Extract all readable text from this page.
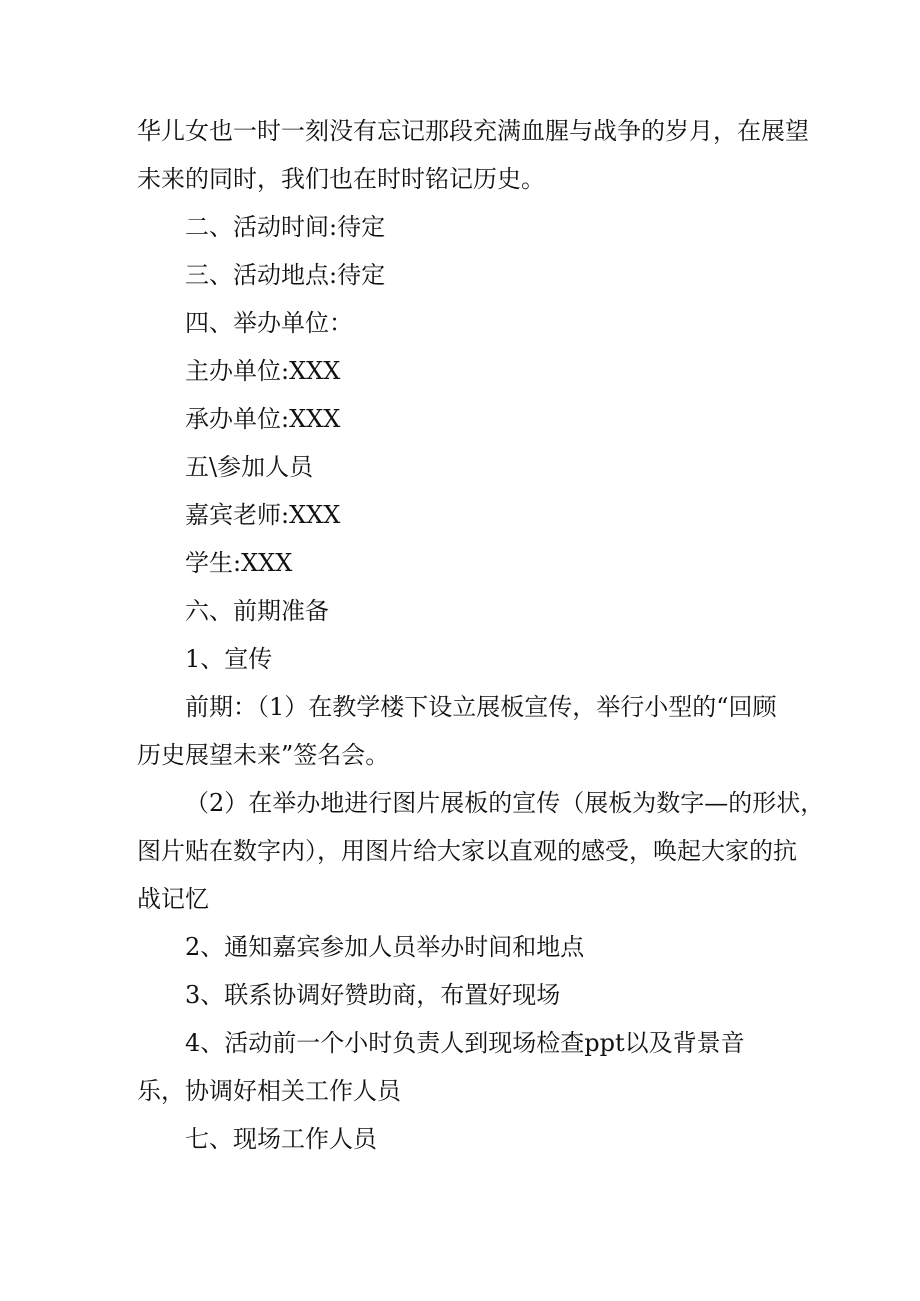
华儿女也一时一刻没有忘记那段充满血腥与战争的岁月，在展望
未来的同时，我们也在时时铭记历史。
二、活动时间:待定
三、活动地点:待定
四、举办单位：
主办单位:XXX
承办单位:XXX
五\参加人员
嘉宾老师:XXX
学生:XXX
六、前期准备
1、宣传
前期：（1）在教学楼下设立展板宣传，举行小型的“回顾
历史展望未来”签名会。
（2）在举办地进行图片展板的宣传（展板为数字—的形状，
图片贴在数字内），用图片给大家以直观的感受，唤起大家的抗
战记忆
2、通知嘉宾参加人员举办时间和地点
3、联系协调好赞助商，布置好现场
4、活动前一个小时负责人到现场检查ppt以及背景音
乐，协调好相关工作人员
七、现场工作人员
